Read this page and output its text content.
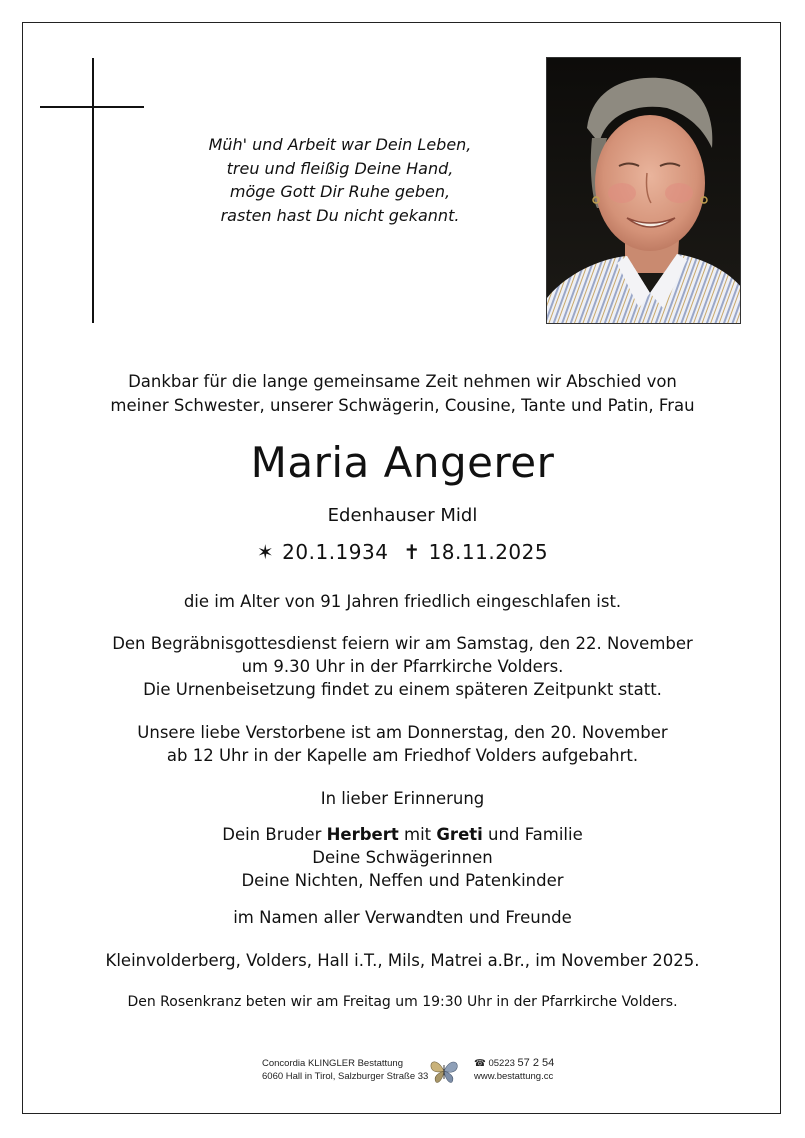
Müh' und Arbeit war Dein Leben,
treu und fleißig Deine Hand,
möge Gott Dir Ruhe geben,
rasten hast Du nicht gekannt.
Dankbar für die lange gemeinsame Zeit nehmen wir Abschied von
meiner Schwester, unserer Schwägerin, Cousine, Tante und Patin, Frau
Maria Angerer
Edenhauser Midl
✶ 20.1.1934 ✝ 18.11.2025
die im Alter von 91 Jahren friedlich eingeschlafen ist.
Den Begräbnisgottesdienst feiern wir am Samstag, den 22. November
um 9.30 Uhr in der Pfarrkirche Volders.
Die Urnenbeisetzung findet zu einem späteren Zeitpunkt statt.
Unsere liebe Verstorbene ist am Donnerstag, den 20. November
ab 12 Uhr in der Kapelle am Friedhof Volders aufgebahrt.
In lieber Erinnerung
Dein Bruder Herbert mit Greti und Familie
Deine Schwägerinnen
Deine Nichten, Neffen und Patenkinder
im Namen aller Verwandten und Freunde
Kleinvolderberg, Volders, Hall i.T., Mils, Matrei a.Br., im November 2025.
Den Rosenkranz beten wir am Freitag um 19:30 Uhr in der Pfarrkirche Volders.
Concordia KLINGLER Bestattung
6060 Hall in Tirol, Salzburger Straße 33
☎ 05223 57 2 54
www.bestattung.cc
